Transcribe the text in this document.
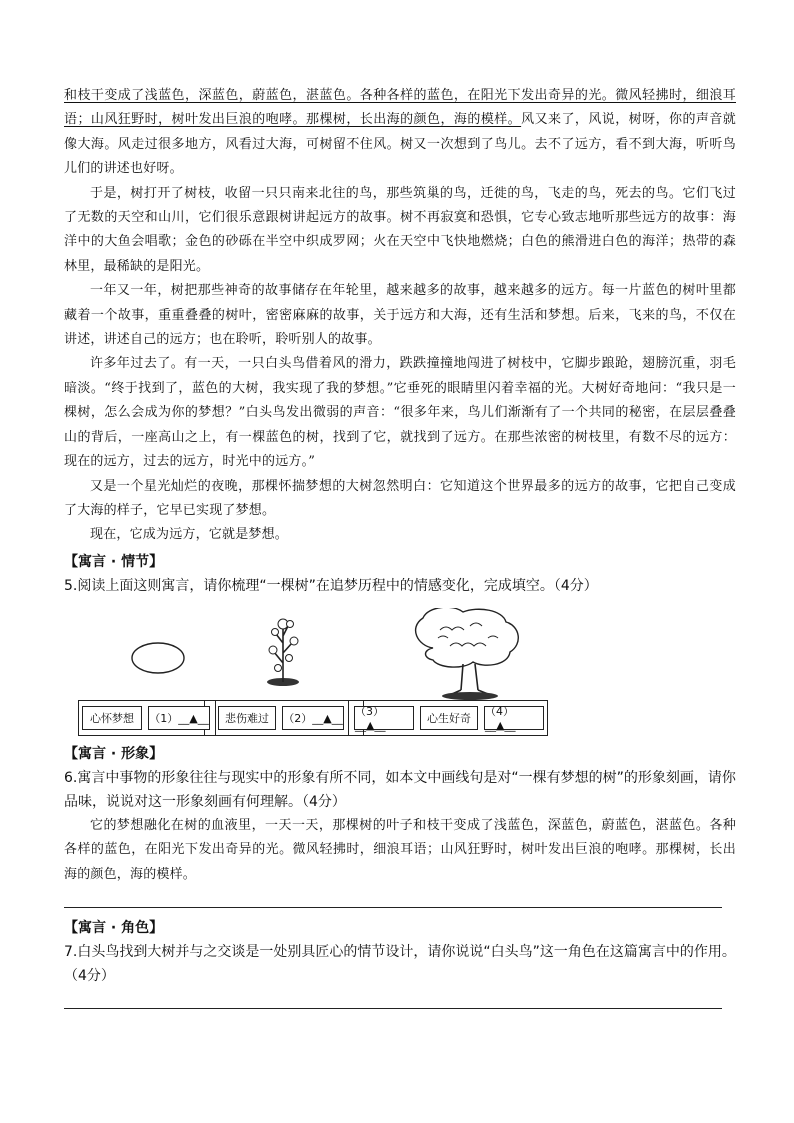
和枝干变成了浅蓝色，深蓝色，蔚蓝色，湛蓝色。各种各样的蓝色，在阳光下发出奇异的光。微风轻拂时，细浪耳语；山风狂野时，树叶发出巨浪的咆哮。那棵树，长出海的颜色，海的模样。风又来了，风说，树呀，你的声音就像大海。风走过很多地方，风看过大海，可树留不住风。树又一次想到了鸟儿。去不了远方，看不到大海，听听鸟儿们的讲述也好呀。

于是，树打开了树枝，收留一只只南来北往的鸟，那些筑巢的鸟，迁徙的鸟，飞走的鸟，死去的鸟。它们飞过了无数的天空和山川，它们很乐意跟树讲起远方的故事。树不再寂寞和恐惧，它专心致志地听那些远方的故事：海洋中的大鱼会唱歌；金色的砂砾在半空中织成罗网；火在天空中飞快地燃烧；白色的熊滑进白色的海洋；热带的森林里，最稀缺的是阳光。

一年又一年，树把那些神奇的故事储存在年轮里，越来越多的故事，越来越多的远方。每一片蓝色的树叶里都藏着一个故事，重重叠叠的树叶，密密麻麻的故事，关于远方和大海，还有生活和梦想。后来，飞来的鸟，不仅在讲述，讲述自己的远方；也在聆听，聆听别人的故事。

许多年过去了。有一天，一只白头鸟借着风的滑力，跌跌撞撞地闯进了树枝中，它脚步踉跄，翅膀沉重，羽毛暗淡。“终于找到了，蓝色的大树，我实现了我的梦想。”它垂死的眼睛里闪着幸福的光。大树好奇地问：“我只是一棵树，怎么会成为你的梦想？”白头鸟发出微弱的声音：“很多年来，鸟儿们渐渐有了一个共同的秘密，在层层叠叠山的背后，一座高山之上，有一棵蓝色的树，找到了它，就找到了远方。在那些浓密的树枝里，有数不尽的远方：现在的远方，过去的远方，时光中的远方。”

又是一个星光灿烂的夜晚，那棵怀揣梦想的大树忽然明白：它知道这个世界最多的远方的故事，它把自己变成了大海的样子，它早已实现了梦想。

现在，它成为远方，它就是梦想。

【寓言 · 情节】

5.阅读上面这则寓言，请你梳理“一棵树”在追梦历程中的情感变化，完成填空。（4分）

心怀梦想	（1）__▲__	悲伤难过	（2）__▲__ （3）__▲__
心生好奇	（4）__▲__
【寓言 · 形象】

6.寓言中事物的形象往往与现实中的形象有所不同，如本文中画线句是对“一棵有梦想的树”的形象刻画，请你品味，说说对这一形象刻画有何理解。（4分）

它的梦想融化在树的血液里，一天一天，那棵树的叶子和枝干变成了浅蓝色，深蓝色，蔚蓝色，湛蓝色。各种各样的蓝色，在阳光下发出奇异的光。微风轻拂时，细浪耳语；山风狂野时，树叶发出巨浪的咆哮。那棵树，长出海的颜色，海的模样。

【寓言 · 角色】

7.白头鸟找到大树并与之交谈是一处别具匠心的情节设计，请你说说“白头鸟”这一角色在这篇寓言中的作用。（4分）
